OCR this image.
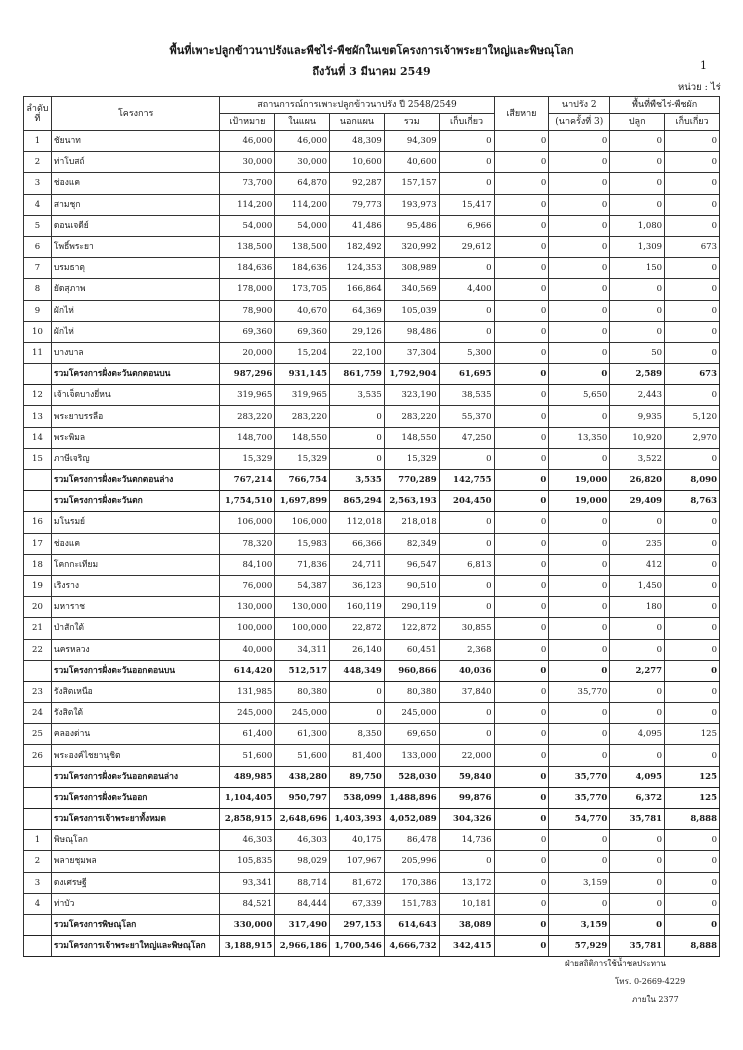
พื้นที่เพาะปลูกข้าวนาปรังและพืชไร่-พืชผักในเขตโครงการเจ้าพระยาใหญ่และพิษณุโลก
ถึงวันที่ 3 มีนาคม 2549	1
หน่วย : ไร่
ลำดับที่	โครงการ	สถานการณ์การเพาะปลูกข้าวนาปรัง ปี 2548/2549					เสียหาย	นาปรัง 2	พื้นที่พืชไร่-พืชผัก	
		เป้าหมาย	ในแผน	นอกแผน	รวม	เก็บเกี่ยว		(นาครั้งที่ 3)	ปลูก	เก็บเกี่ยว
1	ชัยนาท	46,000	46,000	48,309	94,309	0	0	0	0	0
2	ท่าโบสถ์	30,000	30,000	10,600	40,600	0	0	0	0	0
3	ช่องแค	73,700	64,870	92,287	157,157	0	0	0	0	0
4	สามชุก	114,200	114,200	79,773	193,973	15,417	0	0	0	0
5	ดอนเจดีย์	54,000	54,000	41,486	95,486	6,966	0	0	1,080	0
6	โพธิ์พระยา	138,500	138,500	182,492	320,992	29,612	0	0	1,309	673
7	บรมธาตุ	184,636	184,636	124,353	308,989	0	0	0	150	0
8	ยัดสุภาพ	178,000	173,705	166,864	340,569	4,400	0	0	0	0
9	ผักไห่	78,900	40,670	64,369	105,039	0	0	0	0	0
10	ผักไห่	69,360	69,360	29,126	98,486	0	0	0	0	0
11	บางบาล	20,000	15,204	22,100	37,304	5,300	0	0	50	0
	รวมโครงการฝั่งตะวันตกตอนบน	987,296	931,145	861,759	1,792,904	61,695	0	0	2,589	673
12	เจ้าเจ็ดบางยี่หน	319,965	319,965	3,535	323,190	38,535	0	5,650	2,443	0
13	พระยาบรรลือ	283,220	283,220	0	283,220	55,370	0	0	9,935	5,120
14	พระพิมล	148,700	148,550	0	148,550	47,250	0	13,350	10,920	2,970
15	ภาษีเจริญ	15,329	15,329	0	15,329	0	0	0	3,522	0
	รวมโครงการฝั่งตะวันตกตอนล่าง	767,214	766,754	3,535	770,289	142,755	0	19,000	26,820	8,090
	รวมโครงการฝั่งตะวันตก	1,754,510	1,697,899	865,294	2,563,193	204,450	0	19,000	29,409	8,763
16	มโนรมย์	106,000	106,000	112,018	218,018	0	0	0	0	0
17	ช่องแค	78,320	15,983	66,366	82,349	0	0	0	235	0
18	โคกกะเทียม	84,100	71,836	24,711	96,547	6,813	0	0	412	0
19	เริงราง	76,000	54,387	36,123	90,510	0	0	0	1,450	0
20	มหาราช	130,000	130,000	160,119	290,119	0	0	0	180	0
21	ป่าสักใต้	100,000	100,000	22,872	122,872	30,855	0	0	0	0
22	นครหลวง	40,000	34,311	26,140	60,451	2,368	0	0	0	0
	รวมโครงการฝั่งตะวันออกตอนบน	614,420	512,517	448,349	960,866	40,036	0	0	2,277	0
23	รังสิตเหนือ	131,985	80,380	0	80,380	37,840	0	35,770	0	0
24	รังสิตใต้	245,000	245,000	0	245,000	0	0	0	0	0
25	คลองด่าน	61,400	61,300	8,350	69,650	0	0	0	4,095	125
26	พระองค์ไชยานุชิต	51,600	51,600	81,400	133,000	22,000	0	0	0	0
	รวมโครงการฝั่งตะวันออกตอนล่าง	489,985	438,280	89,750	528,030	59,840	0	35,770	4,095	125
	รวมโครงการฝั่งตะวันออก	1,104,405	950,797	538,099	1,488,896	99,876	0	35,770	6,372	125
	รวมโครงการเจ้าพระยาทั้งหมด	2,858,915	2,648,696	1,403,393	4,052,089	304,326	0	54,770	35,781	8,888
1	พิษณุโลก	46,303	46,303	40,175	86,478	14,736	0	0	0	0
2	พลายชุมพล	105,835	98,029	107,967	205,996	0	0	0	0	0
3	ดงเศรษฐี	93,341	88,714	81,672	170,386	13,172	0	3,159	0	0
4	ท่าบัว	84,521	84,444	67,339	151,783	10,181	0	0	0	0
	รวมโครงการพิษณุโลก	330,000	317,490	297,153	614,643	38,089	0	3,159	0	0
	รวมโครงการเจ้าพระยาใหญ่และพิษณุโลก	3,188,915	2,966,186	1,700,546	4,666,732	342,415	0	57,929	35,781	8,888
ฝ่ายสถิติการใช้น้ำชลประทาน
โทร. 0-2669-4229
ภายใน 2377
